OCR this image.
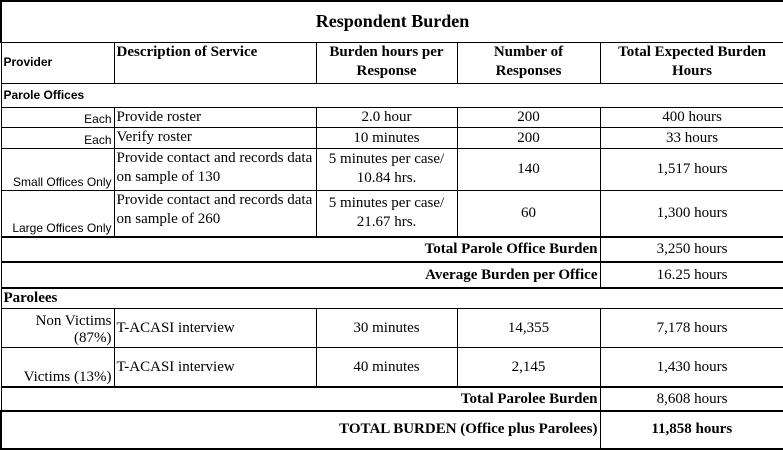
Respondent Burden				
Provider	Description of Service	Burden hours per Response	Number of Responses	Total Expected Burden Hours
Parole Offices				
Each	Provide roster	2.0 hour	200	400 hours
Each	Verify roster	10 minutes	200	33 hours
Small Offices Only	Provide contact and records data on sample of 130	5 minutes per case/ 10.84 hrs.	140	1,517 hours
Large Offices Only	Provide contact and records data on sample of 260	5 minutes per case/ 21.67 hrs.	60	1,300 hours
Total Parole Office Burden				3,250 hours
Average Burden per Office				16.25 hours
Parolees				
Non Victims (87%)	T-ACASI interview	30 minutes	14,355	7,178 hours
Victims (13%)	T-ACASI interview	40 minutes	2,145	1,430 hours
Total Parolee Burden				8,608 hours
TOTAL BURDEN (Office plus Parolees)				11,858 hours
